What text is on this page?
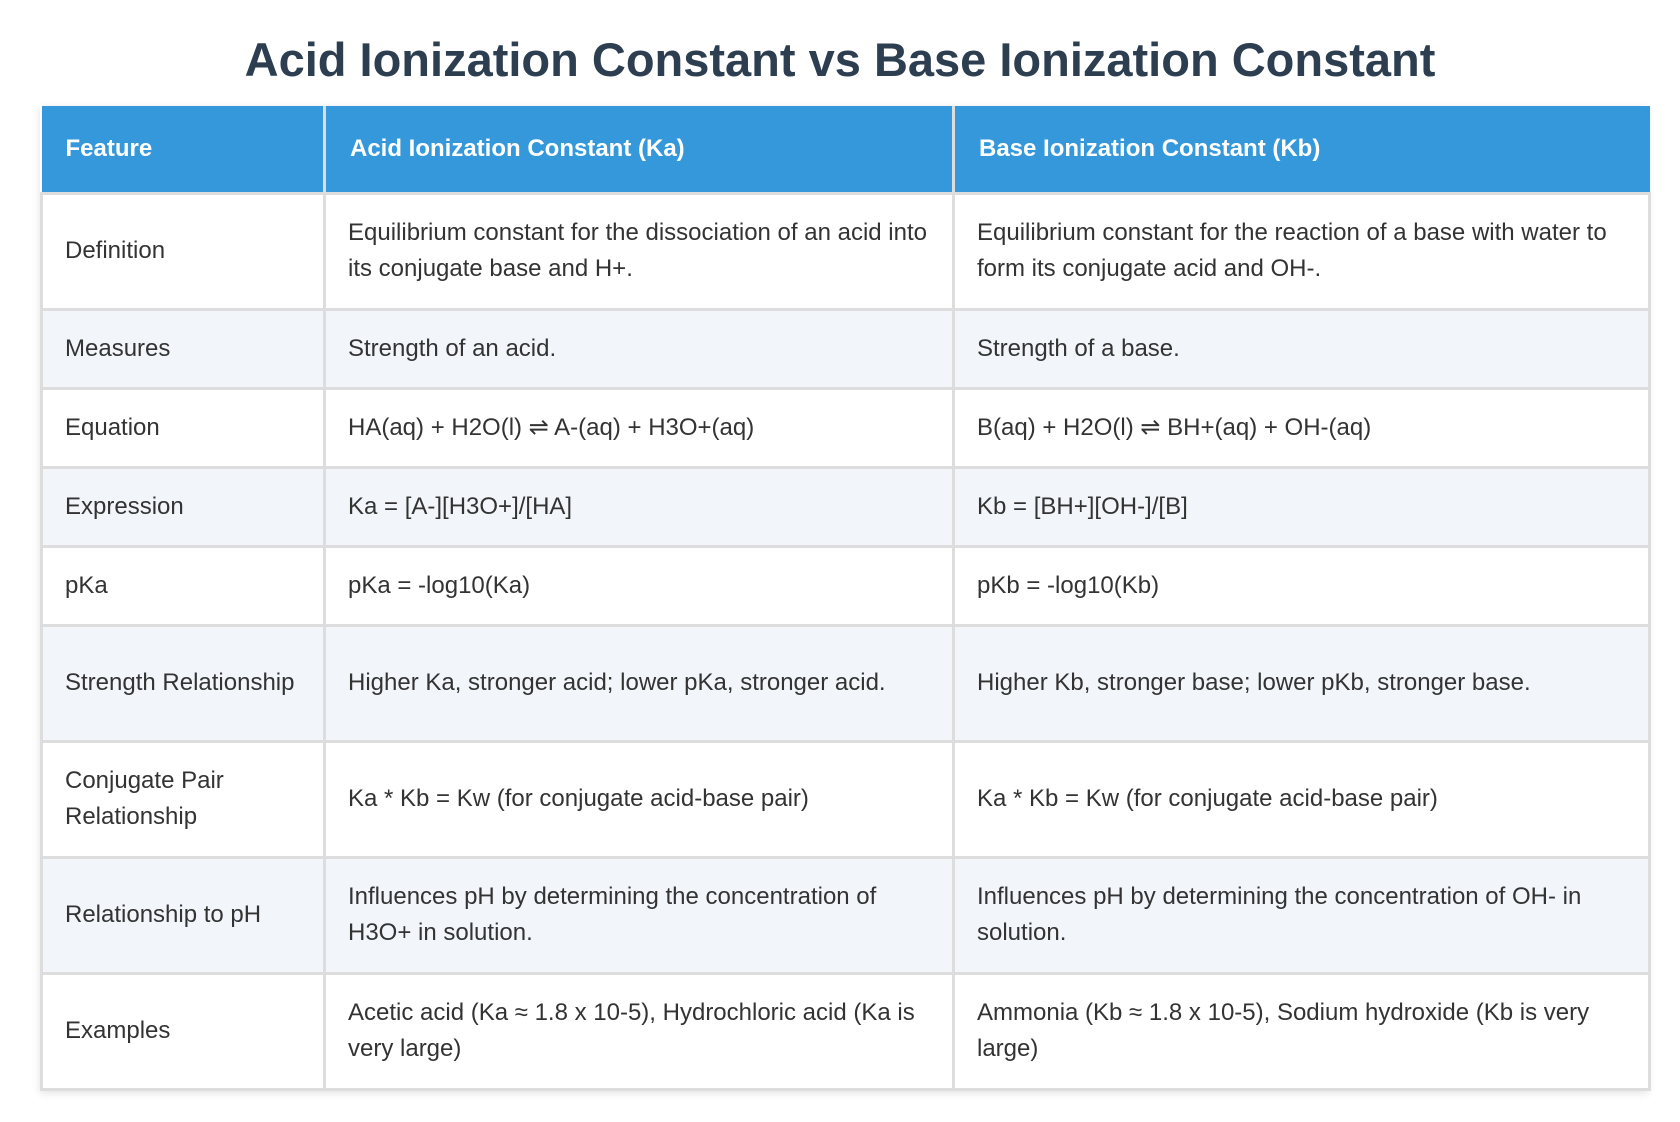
Acid Ionization Constant vs Base Ionization Constant
Feature	Acid Ionization Constant (Ka)	Base Ionization Constant (Kb)
Definition	Equilibrium constant for the dissociation of an acid into its conjugate base and H+.	Equilibrium constant for the reaction of a base with water to form its conjugate acid and OH-.
Measures	Strength of an acid.	Strength of a base.
Equation	HA(aq) + H2O(l) ⇌ A-(aq) + H3O+(aq)	B(aq) + H2O(l) ⇌ BH+(aq) + OH-(aq)
Expression	Ka = [A-][H3O+]/[HA]	Kb = [BH+][OH-]/[B]
pKa	pKa = -log10(Ka)	pKb = -log10(Kb)
Strength Relationship	Higher Ka, stronger acid; lower pKa, stronger acid.	Higher Kb, stronger base; lower pKb, stronger base.
Conjugate Pair Relationship	Ka * Kb = Kw (for conjugate acid-base pair)	Ka * Kb = Kw (for conjugate acid-base pair)
Relationship to pH	Influences pH by determining the concentration of H3O+ in solution.	Influences pH by determining the concentration of OH- in solution.
Examples	Acetic acid (Ka ≈ 1.8 x 10-5), Hydrochloric acid (Ka is very large)	Ammonia (Kb ≈ 1.8 x 10-5), Sodium hydroxide (Kb is very large)
